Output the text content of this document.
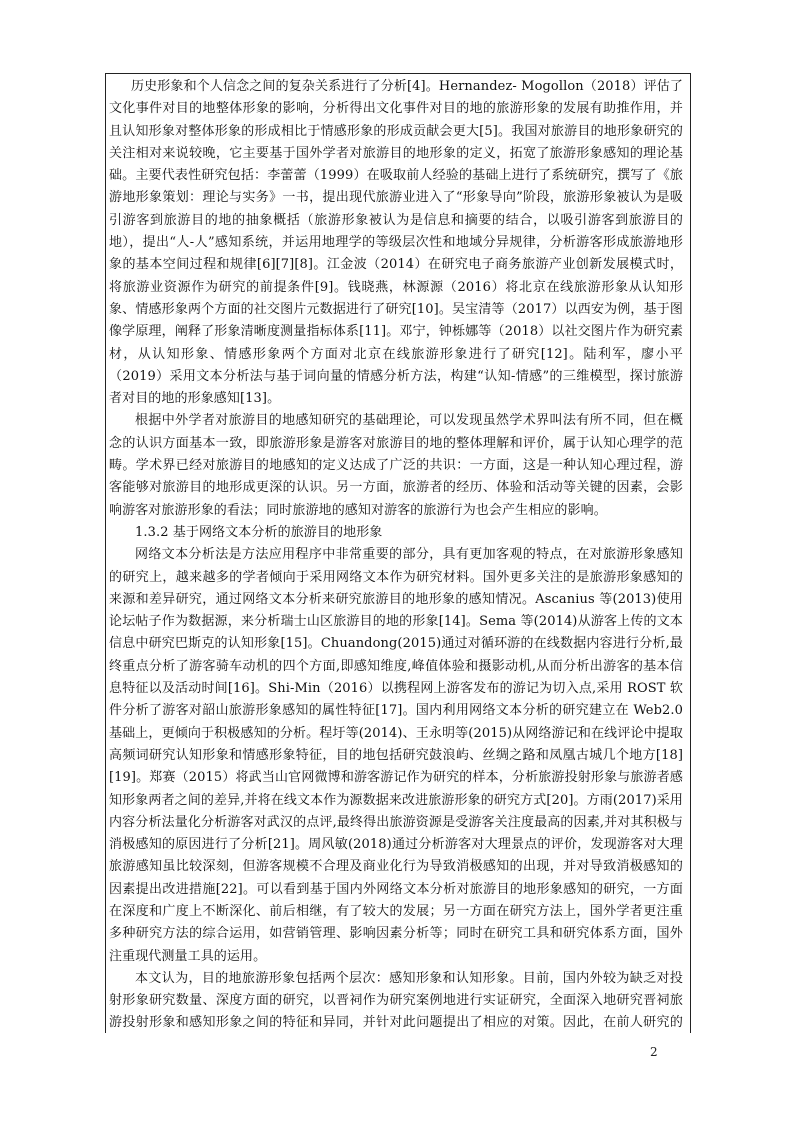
历史形象和个人信念之间的复杂关系进行了分析[4]。Hernandez- Mogollon（2018）评估了文化事件对目的地整体形象的影响，分析得出文化事件对目的地的旅游形象的发展有助推作用，并且认知形象对整体形象的形成相比于情感形象的形成贡献会更大[5]。我国对旅游目的地形象研究的关注相对来说较晚，它主要基于国外学者对旅游目的地形象的定义，拓宽了旅游形象感知的理论基础。主要代表性研究包括：李蕾蕾（1999）在吸取前人经验的基础上进行了系统研究，撰写了《旅游地形象策划：理论与实务》一书，提出现代旅游业进入了“形象导向”阶段，旅游形象被认为是吸引游客到旅游目的地的抽象概括（旅游形象被认为是信息和摘要的结合，以吸引游客到旅游目的地），提出“人-人”感知系统，并运用地理学的等级层次性和地域分异规律，分析游客形成旅游地形象的基本空间过程和规律[6][7][8]。江金波（2014）在研究电子商务旅游产业创新发展模式时，将旅游业资源作为研究的前提条件[9]。钱晓燕，林源源（2016）将北京在线旅游形象从认知形象、情感形象两个方面的社交图片元数据进行了研究[10]。吴宝清等（2017）以西安为例，基于图像学原理，阐释了形象清晰度测量指标体系[11]。邓宁，钟栎娜等（2018）以社交图片作为研究素材，从认知形象、情感形象两个方面对北京在线旅游形象进行了研究[12]。陆利军，廖小平（2019）采用文本分析法与基于词向量的情感分析方法，构建“认知-情感”的三维模型，探讨旅游者对目的地的形象感知[13]。

根据中外学者对旅游目的地感知研究的基础理论，可以发现虽然学术界叫法有所不同，但在概念的认识方面基本一致，即旅游形象是游客对旅游目的地的整体理解和评价，属于认知心理学的范畴。学术界已经对旅游目的地感知的定义达成了广泛的共识：一方面，这是一种认知心理过程，游客能够对旅游目的地形成更深的认识。另一方面，旅游者的经历、体验和活动等关键的因素，会影响游客对旅游形象的看法；同时旅游地的感知对游客的旅游行为也会产生相应的影响。

1.3.2 基于网络文本分析的旅游目的地形象

网络文本分析法是方法应用程序中非常重要的部分，具有更加客观的特点，在对旅游形象感知的研究上，越来越多的学者倾向于采用网络文本作为研究材料。国外更多关注的是旅游形象感知的来源和差异研究，通过网络文本分析来研究旅游目的地形象的感知情况。Ascanius 等(2013)使用论坛帖子作为数据源，来分析瑞士山区旅游目的地的形象[14]。Sema 等(2014)从游客上传的文本信息中研究巴斯克的认知形象[15]。Chuandong(2015)通过对循环游的在线数据内容进行分析,最终重点分析了游客骑车动机的四个方面,即感知维度,峰值体验和摄影动机,从而分析出游客的基本信息特征以及活动时间[16]。Shi-Min（2016）以携程网上游客发布的游记为切入点,采用 ROST 软件分析了游客对韶山旅游形象感知的属性特征[17]。国内利用网络文本分析的研究建立在 Web2.0 基础上，更倾向于积极感知的分析。程圩等(2014)、王永明等(2015)从网络游记和在线评论中提取高频词研究认知形象和情感形象特征，目的地包括研究鼓浪屿、丝绸之路和凤凰古城几个地方[18][19]。郑赛（2015）将武当山官网微博和游客游记作为研究的样本，分析旅游投射形象与旅游者感知形象两者之间的差异,并将在线文本作为源数据来改进旅游形象的研究方式[20]。方雨(2017)采用内容分析法量化分析游客对武汉的点评,最终得出旅游资源是受游客关注度最高的因素,并对其积极与消极感知的原因进行了分析[21]。周风敏(2018)通过分析游客对大理景点的评价，发现游客对大理旅游感知虽比较深刻，但游客规模不合理及商业化行为导致消极感知的出现，并对导致消极感知的因素提出改进措施[22]。可以看到基于国内外网络文本分析对旅游目的地形象感知的研究，一方面在深度和广度上不断深化、前后相继，有了较大的发展；另一方面在研究方法上，国外学者更注重多种研究方法的综合运用，如营销管理、影响因素分析等；同时在研究工具和研究体系方面，国外注重现代测量工具的运用。

本文认为，目的地旅游形象包括两个层次：感知形象和认知形象。目前，国内外较为缺乏对投射形象研究数量、深度方面的研究，以晋祠作为研究案例地进行实证研究，全面深入地研究晋祠旅游投射形象和感知形象之间的特征和异同，并针对此问题提出了相应的对策。因此，在前人研究的

2
